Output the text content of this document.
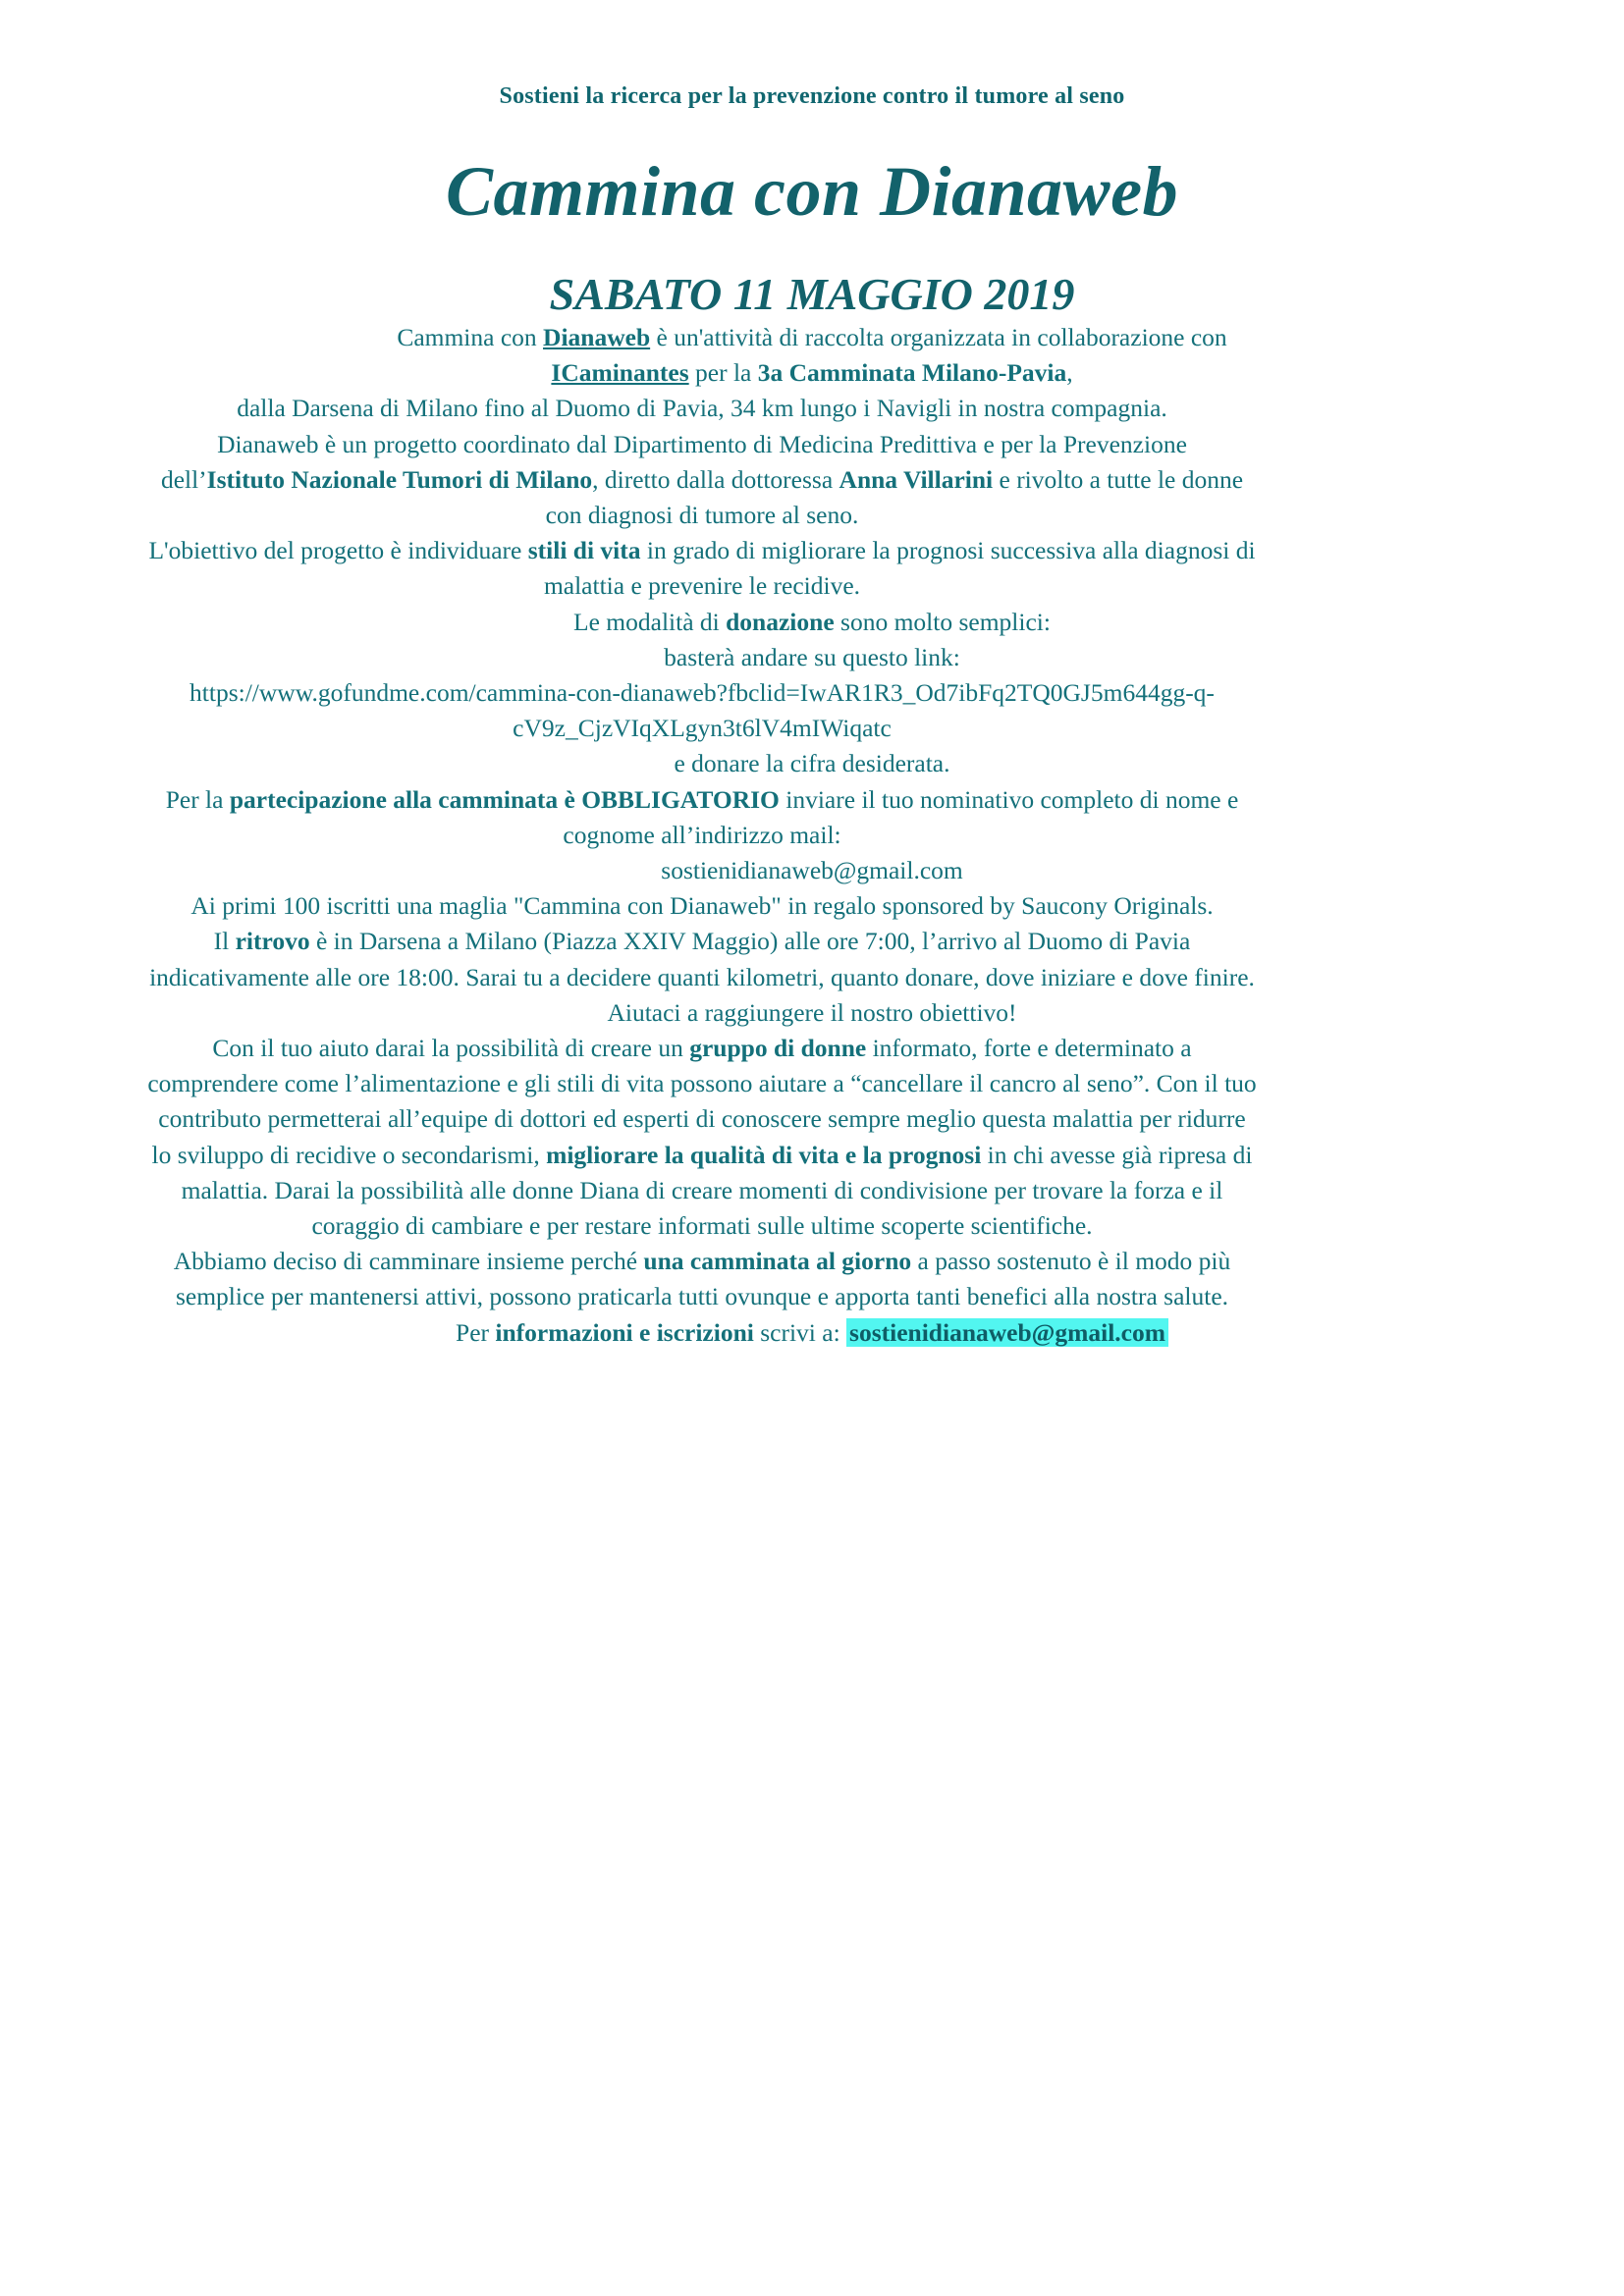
Sostieni la ricerca per la prevenzione contro il tumore al seno
Cammina con Dianaweb
SABATO 11 MAGGIO 2019

Cammina con Dianaweb è un'attività di raccolta organizzata in collaborazione con

ICaminantes per la 3a Camminata Milano-Pavia,

dalla Darsena di Milano fino al Duomo di Pavia, 34 km lungo i Navigli in nostra compagnia.

Dianaweb è un progetto coordinato dal Dipartimento di Medicina Predittiva e per la Prevenzione

dell’Istituto Nazionale Tumori di Milano, diretto dalla dottoressa Anna Villarini e rivolto a tutte le donne

con diagnosi di tumore al seno.

L'obiettivo del progetto è individuare stili di vita in grado di migliorare la prognosi successiva alla diagnosi di malattia e prevenire le recidive.

Le modalità di donazione sono molto semplici:

basterà andare su questo link:

https://www.gofundme.com/cammina-con-dianaweb?fbclid=IwAR1R3_Od7ibFq2TQ0GJ5m644gg-q-cV9z_CjzVIqXLgyn3t6lV4mIWiqatc

e donare la cifra desiderata.

Per la partecipazione alla camminata è OBBLIGATORIO inviare il tuo nominativo completo di nome e cognome all’indirizzo mail:

sostienidianaweb@gmail.com

Ai primi 100 iscritti una maglia "Cammina con Dianaweb" in regalo sponsored by Saucony Originals.

Il ritrovo è in Darsena a Milano (Piazza XXIV Maggio) alle ore 7:00, l’arrivo al Duomo di Pavia indicativamente alle ore 18:00. Sarai tu a decidere quanti kilometri, quanto donare, dove iniziare e dove finire.

Aiutaci a raggiungere il nostro obiettivo!

Con il tuo aiuto darai la possibilità di creare un gruppo di donne informato, forte e determinato a comprendere come l’alimentazione e gli stili di vita possono aiutare a “cancellare il cancro al seno”. Con il tuo contributo permetterai all’equipe di dottori ed esperti di conoscere sempre meglio questa malattia per ridurre lo sviluppo di recidive o secondarismi, migliorare la qualità di vita e la prognosi in chi avesse già ripresa di malattia. Darai la possibilità alle donne Diana di creare momenti di condivisione per trovare la forza e il coraggio di cambiare e per restare informati sulle ultime scoperte scientifiche.

Abbiamo deciso di camminare insieme perché una camminata al giorno a passo sostenuto è il modo più semplice per mantenersi attivi, possono praticarla tutti ovunque e apporta tanti benefici alla nostra salute.

Per informazioni e iscrizioni scrivi a: sostienidianaweb@gmail.com
